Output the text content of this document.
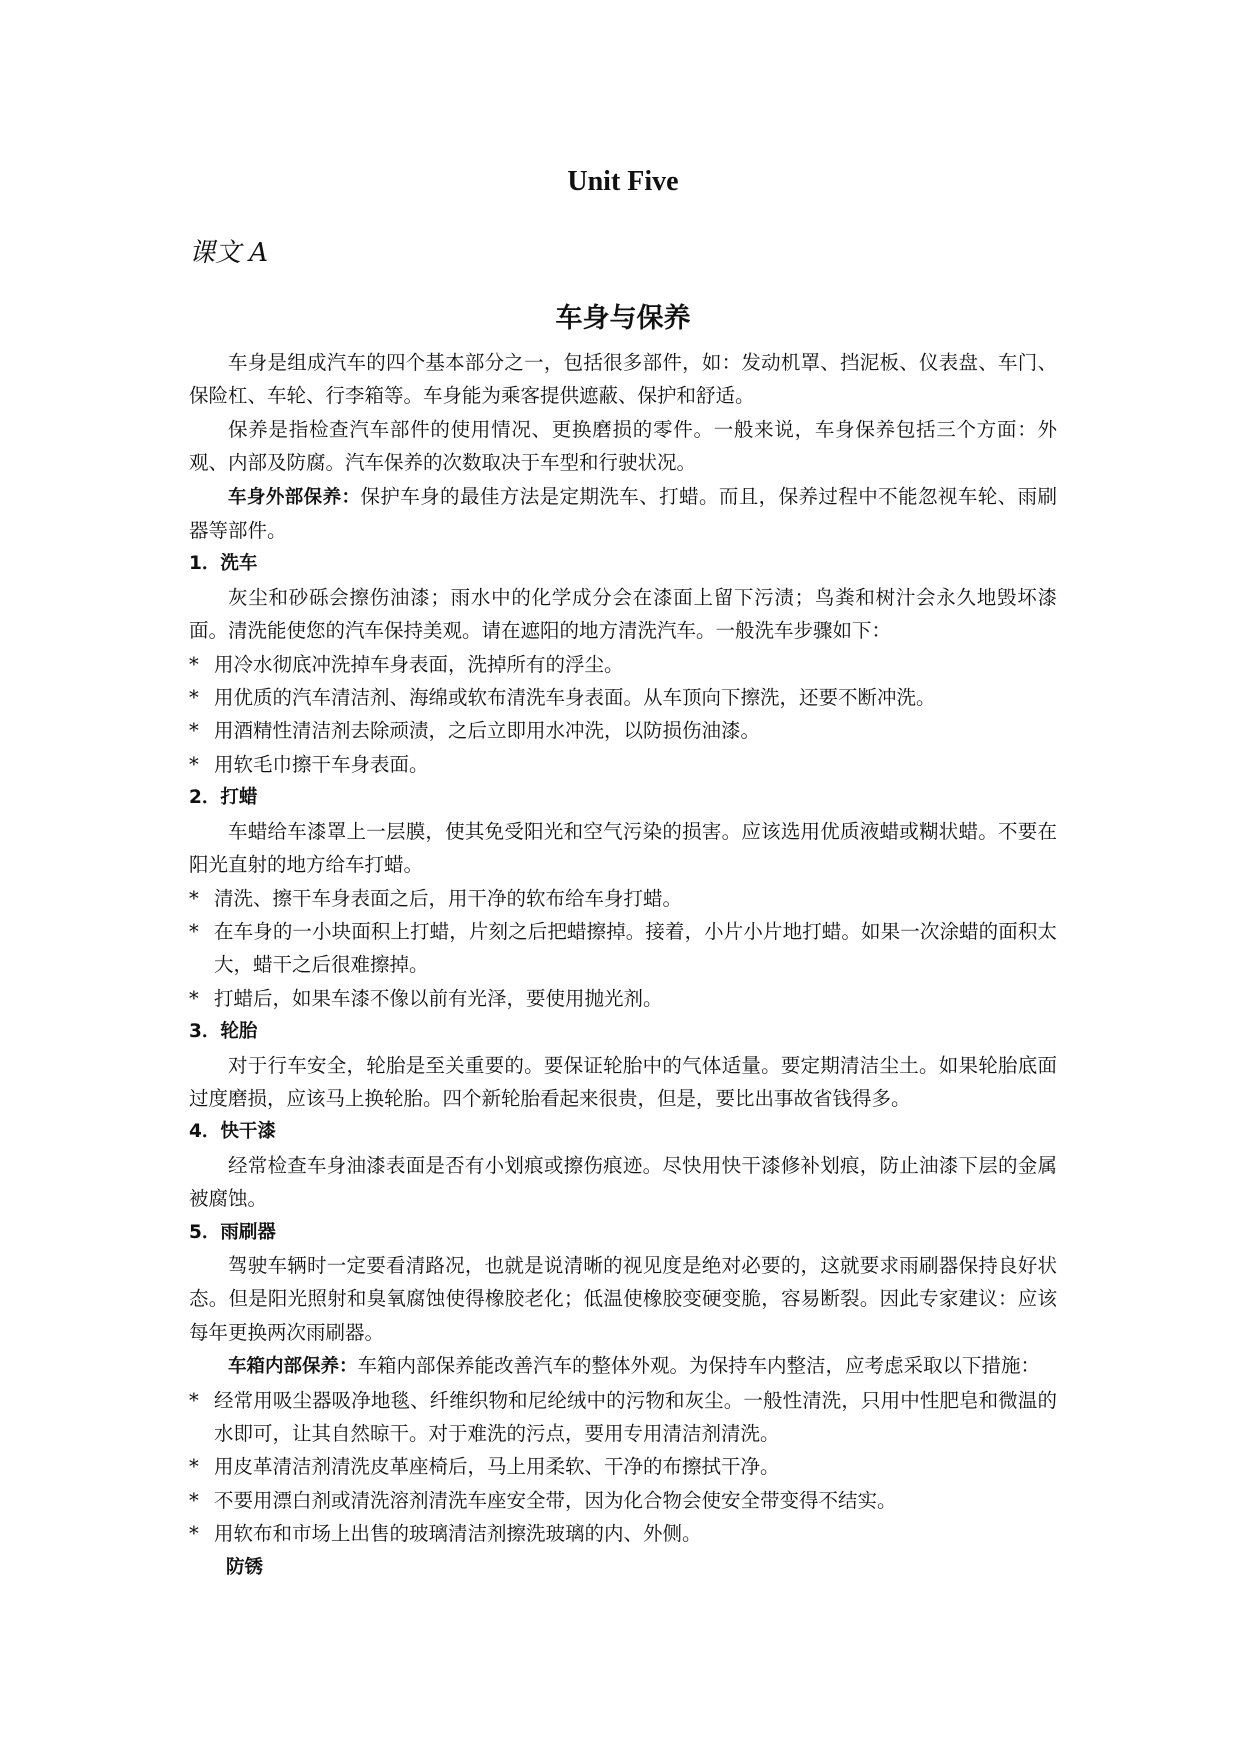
Unit Five
课文 A
车身与保养

车身是组成汽车的四个基本部分之一，包括很多部件，如：发动机罩、挡泥板、仪表盘、车门、保险杠、车轮、行李箱等。车身能为乘客提供遮蔽、保护和舒适。

保养是指检查汽车部件的使用情况、更换磨损的零件。一般来说，车身保养包括三个方面：外观、内部及防腐。汽车保养的次数取决于车型和行驶状况。

车身外部保养：保护车身的最佳方法是定期洗车、打蜡。而且，保养过程中不能忽视车轮、雨刷器等部件。

1．洗车

灰尘和砂砾会擦伤油漆；雨水中的化学成分会在漆面上留下污渍；鸟粪和树汁会永久地毁坏漆面。清洗能使您的汽车保持美观。请在遮阳的地方清洗汽车。一般洗车步骤如下：

* 用冷水彻底冲洗掉车身表面，洗掉所有的浮尘。
* 用优质的汽车清洁剂、海绵或软布清洗车身表面。从车顶向下擦洗，还要不断冲洗。
* 用酒精性清洁剂去除顽渍，之后立即用水冲洗，以防损伤油漆。
* 用软毛巾擦干车身表面。

2．打蜡

车蜡给车漆罩上一层膜，使其免受阳光和空气污染的损害。应该选用优质液蜡或糊状蜡。不要在阳光直射的地方给车打蜡。

* 清洗、擦干车身表面之后，用干净的软布给车身打蜡。
* 在车身的一小块面积上打蜡，片刻之后把蜡擦掉。接着，小片小片地打蜡。如果一次涂蜡的面积太大，蜡干之后很难擦掉。
* 打蜡后，如果车漆不像以前有光泽，要使用抛光剂。

3．轮胎

对于行车安全，轮胎是至关重要的。要保证轮胎中的气体适量。要定期清洁尘土。如果轮胎底面过度磨损，应该马上换轮胎。四个新轮胎看起来很贵，但是，要比出事故省钱得多。

4．快干漆

经常检查车身油漆表面是否有小划痕或擦伤痕迹。尽快用快干漆修补划痕，防止油漆下层的金属被腐蚀。

5．雨刷器

驾驶车辆时一定要看清路况，也就是说清晰的视见度是绝对必要的，这就要求雨刷器保持良好状态。但是阳光照射和臭氧腐蚀使得橡胶老化；低温使橡胶变硬变脆，容易断裂。因此专家建议：应该每年更换两次雨刷器。

车箱内部保养：车箱内部保养能改善汽车的整体外观。为保持车内整洁，应考虑采取以下措施：

* 经常用吸尘器吸净地毯、纤维织物和尼纶绒中的污物和灰尘。一般性清洗，只用中性肥皂和微温的水即可，让其自然晾干。对于难洗的污点，要用专用清洁剂清洗。
* 用皮革清洁剂清洗皮革座椅后，马上用柔软、干净的布擦拭干净。
* 不要用漂白剂或清洗溶剂清洗车座安全带，因为化合物会使安全带变得不结实。
* 用软布和市场上出售的玻璃清洁剂擦洗玻璃的内、外侧。

防锈
